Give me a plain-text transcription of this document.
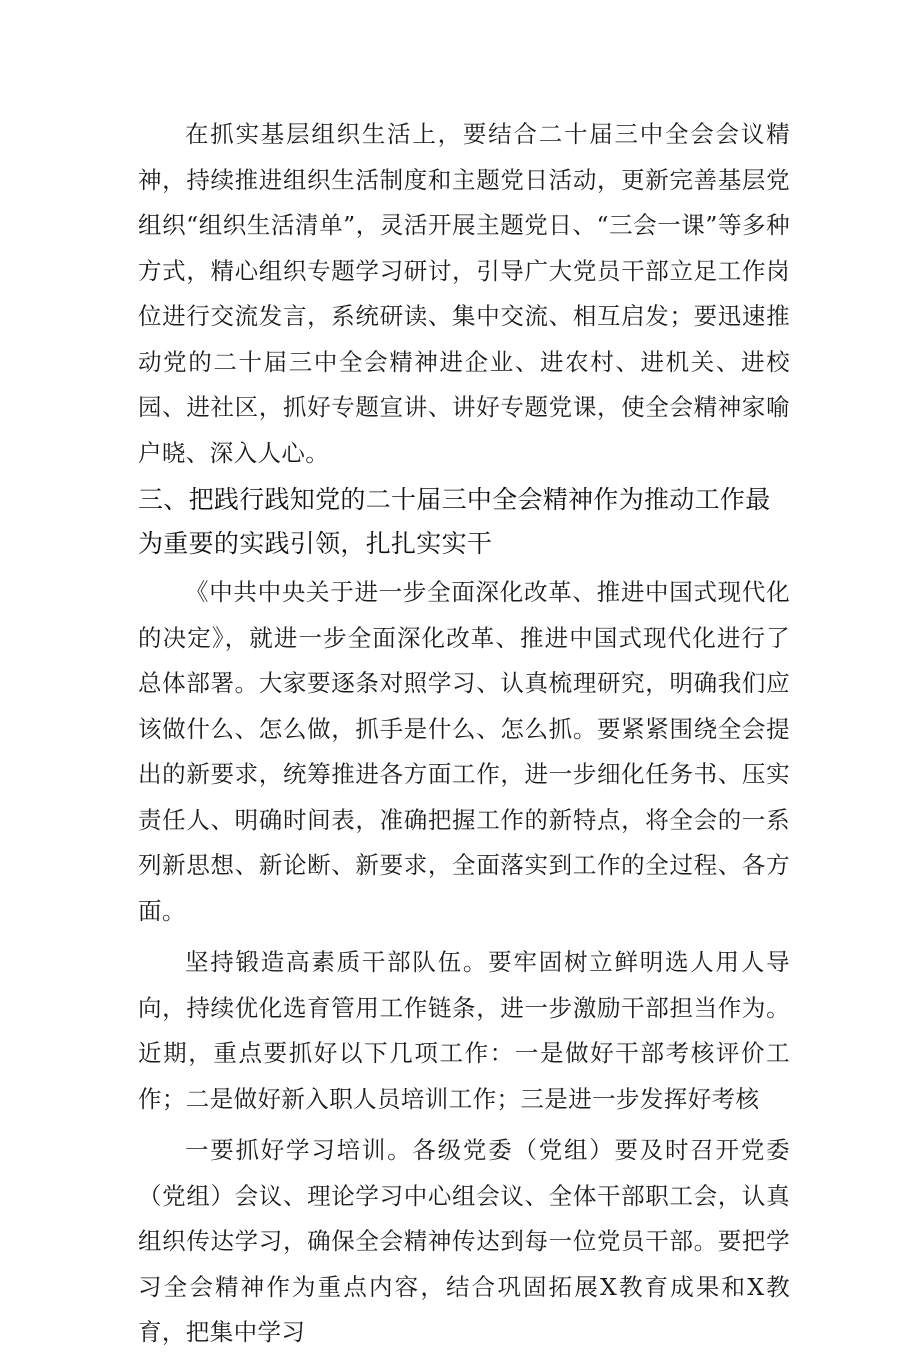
在抓实基层组织生活上，要结合二十届三中全会会议精神，持续推进组织生活制度和主题党日活动，更新完善基层党组织“组织生活清单”，灵活开展主题党日、“三会一课”等多种方式，精心组织专题学习研讨，引导广大党员干部立足工作岗位进行交流发言，系统研读、集中交流、相互启发；要迅速推动党的二十届三中全会精神进企业、进农村、进机关、进校园、进社区，抓好专题宣讲、讲好专题党课，使全会精神家喻户晓、深入人心。

三、把践行践知党的二十届三中全会精神作为推动工作最为重要的实践引领，扎扎实实干

《中共中央关于进一步全面深化改革、推进中国式现代化的决定》，就进一步全面深化改革、推进中国式现代化进行了总体部署。大家要逐条对照学习、认真梳理研究，明确我们应该做什么、怎么做，抓手是什么、怎么抓。要紧紧围绕全会提出的新要求，统筹推进各方面工作，进一步细化任务书、压实责任人、明确时间表，准确把握工作的新特点，将全会的一系列新思想、新论断、新要求，全面落实到工作的全过程、各方面。

坚持锻造高素质干部队伍。要牢固树立鲜明选人用人导向，持续优化选育管用工作链条，进一步激励干部担当作为。近期，重点要抓好以下几项工作：一是做好干部考核评价工作；二是做好新入职人员培训工作；三是进一步发挥好考核

一要抓好学习培训。各级党委（党组）要及时召开党委（党组）会议、理论学习中心组会议、全体干部职工会，认真组织传达学习，确保全会精神传达到每一位党员干部。要把学习全会精神作为重点内容，结合巩固拓展X教育成果和X教育，把集中学习
